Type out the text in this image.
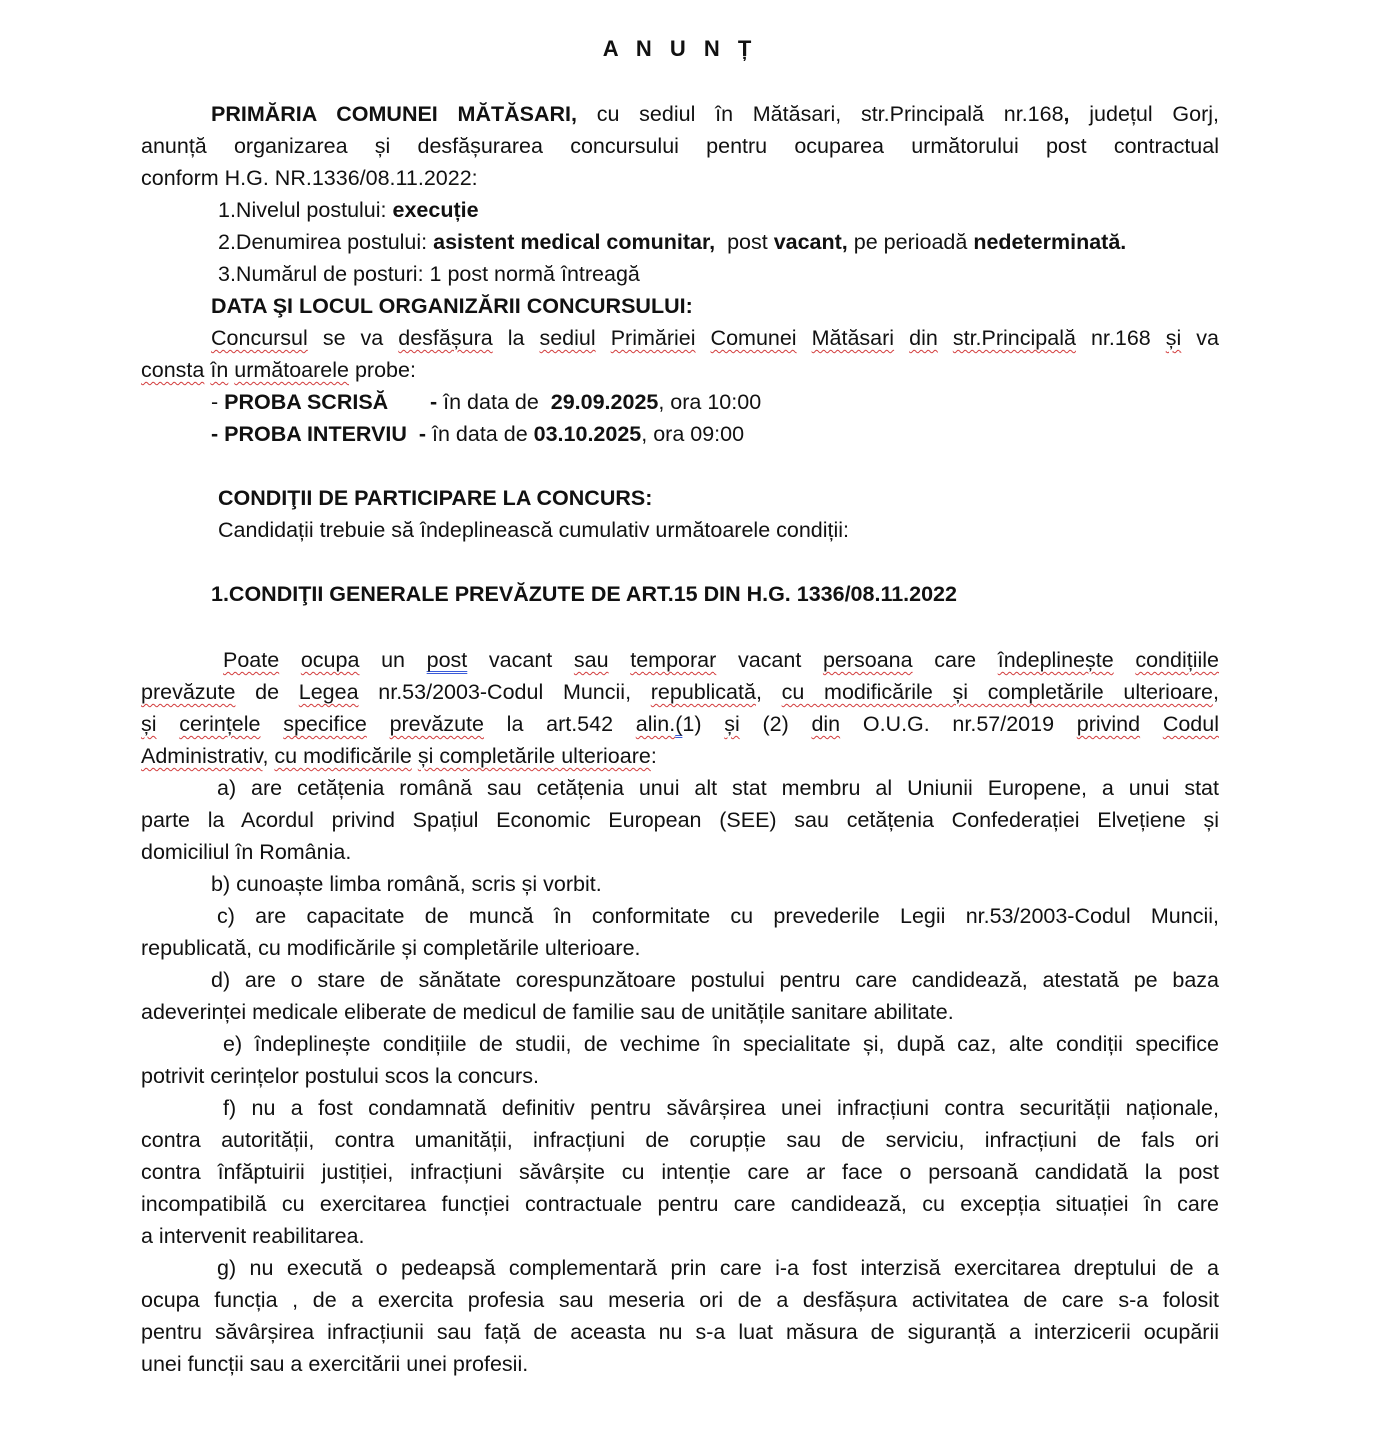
A N U N Ț
PRIMĂRIA COMUNEI MĂTĂSARI, cu sediul în Mătăsari, str.Principală nr.168, județul Gorj,
anunță organizarea și desfășurarea concursului pentru ocuparea următorului post contractual
conform H.G. NR.1336/08.11.2022:
1.Nivelul postului: execuție
2.Denumirea postului: asistent medical comunitar,  post vacant, pe perioadă nedeterminată.
3.Numărul de posturi: 1 post normă întreagă
DATA ŞI LOCUL ORGANIZĂRII CONCURSULUI:
Concursul se va desfășura la sediul Primăriei Comunei Mătăsari din str.Principală nr.168 și va
consta în următoarele probe:
- PROBA SCRISĂ       - în data de  29.09.2025, ora 10:00
- PROBA INTERVIU  - în data de 03.10.2025, ora 09:00
CONDIŢII DE PARTICIPARE LA CONCURS:
Candidații trebuie să îndeplinească cumulativ următoarele condiții:
1.CONDIŢII GENERALE PREVĂZUTE DE ART.15 DIN H.G. 1336/08.11.2022
Poate ocupa un post vacant sau temporar vacant persoana care îndeplinește condițiile
prevăzute de Legea nr.53/2003-Codul Muncii, republicată, cu modificările și completările ulterioare,
și cerințele specifice prevăzute la art.542 alin.(1) și (2) din O.U.G. nr.57/2019 privind Codul
Administrativ, cu modificările și completările ulterioare:
a) are cetățenia română sau cetățenia unui alt stat membru al Uniunii Europene, a unui stat
parte la Acordul privind Spațiul Economic European (SEE) sau cetățenia Confederației Elvețiene și
domiciliul în România.
b) cunoaște limba română, scris și vorbit.
c) are capacitate de muncă în conformitate cu prevederile Legii nr.53/2003-Codul Muncii,
republicată, cu modificările și completările ulterioare.
d) are o stare de sănătate corespunzătoare postului pentru care candidează, atestată pe baza
adeverinței medicale eliberate de medicul de familie sau de unitățile sanitare abilitate.
e) îndeplinește condițiile de studii, de vechime în specialitate și, după caz, alte condiții specifice
potrivit cerințelor postului scos la concurs.
f) nu a fost condamnată definitiv pentru săvârșirea unei infracțiuni contra securității naționale,
contra autorității, contra umanității, infracțiuni de corupție sau de serviciu, infracțiuni de fals ori
contra înfăptuirii justiției, infracțiuni săvârșite cu intenție care ar face o persoană candidată la post
incompatibilă cu exercitarea funcției contractuale pentru care candidează, cu excepția situației în care
a intervenit reabilitarea.
g) nu execută o pedeapsă complementară prin care i-a fost interzisă exercitarea dreptului de a
ocupa funcția , de a exercita profesia sau meseria ori de a desfășura activitatea de care s-a folosit
pentru săvârșirea infracțiunii sau față de aceasta nu s-a luat măsura de siguranță a interzicerii ocupării
unei funcții sau a exercitării unei profesii.
